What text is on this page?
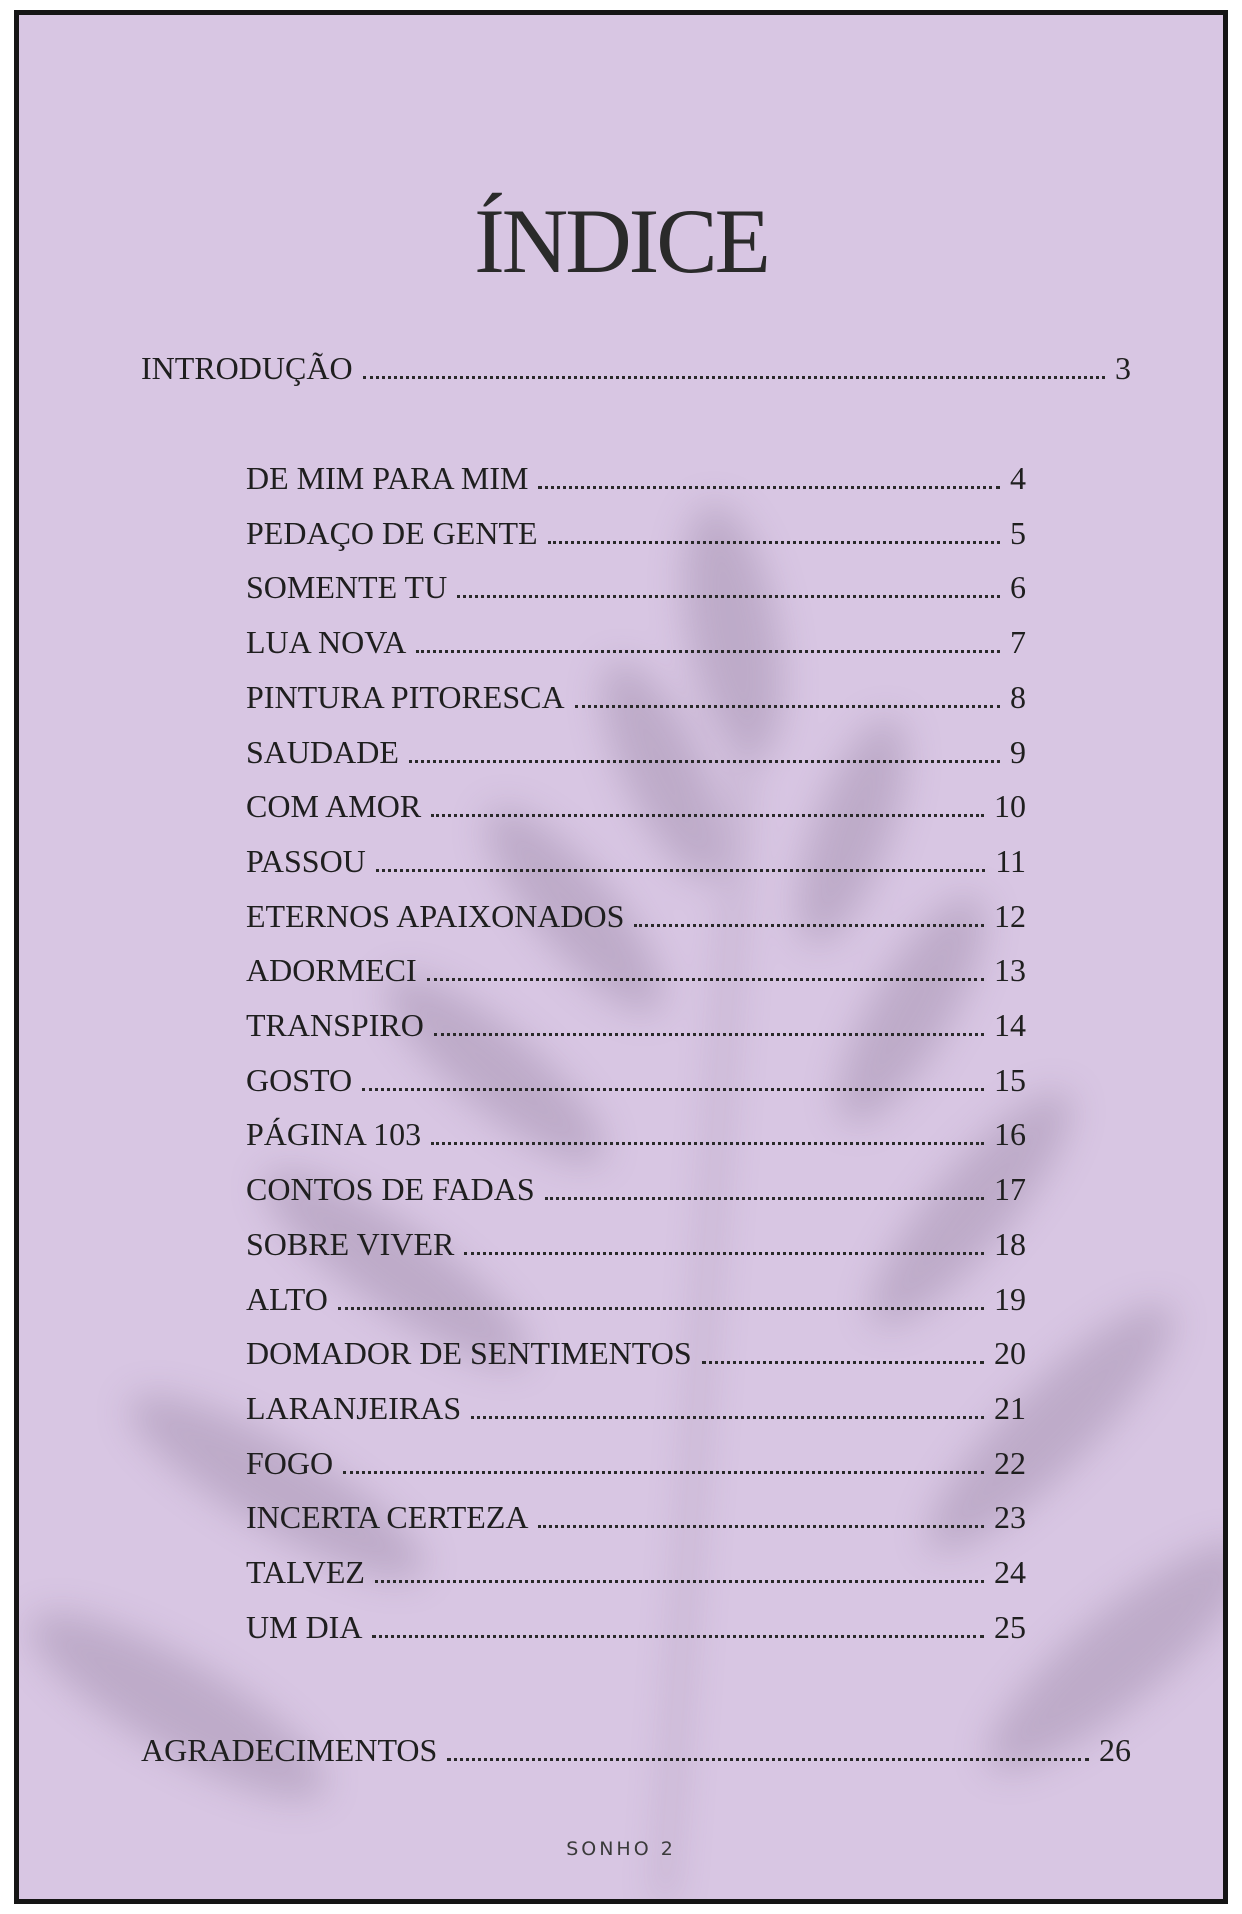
ÍNDICE
INTRODUÇÃO	3
DE MIM PARA MIM	4
PEDAÇO DE GENTE	5
SOMENTE TU	6
LUA NOVA	7
PINTURA PITORESCA	8
SAUDADE	9
COM AMOR	10
PASSOU	11
ETERNOS APAIXONADOS	12
ADORMECI	13
TRANSPIRO	14
GOSTO	15
PÁGINA 103	16
CONTOS DE FADAS	17
SOBRE VIVER	18
ALTO	19
DOMADOR DE SENTIMENTOS	20
LARANJEIRAS	21
FOGO	22
INCERTA CERTEZA	23
TALVEZ	24
UM DIA	25
AGRADECIMENTOS	26
SONHO 2
